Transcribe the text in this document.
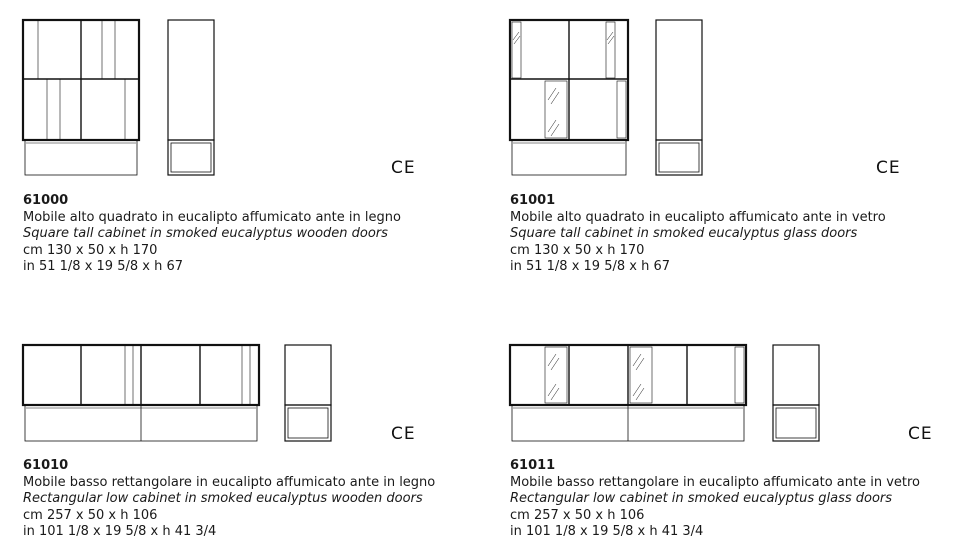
CE
61000
Mobile alto quadrato in eucalipto affumicato ante in legno
Square tall cabinet in smoked eucalyptus wooden doors
cm 130 x 50 x h 170
in 51 1/8 x 19 5/8 x h 67
CE
61001
Mobile alto quadrato in eucalipto affumicato ante in vetro
Square tall cabinet in smoked eucalyptus glass doors
cm 130 x 50 x h 170
in 51 1/8 x 19 5/8 x h 67
CE
61010
Mobile basso rettangolare in eucalipto affumicato ante in legno
Rectangular low cabinet in smoked eucalyptus wooden doors
cm 257 x 50 x h 106
in 101 1/8 x 19 5/8 x h 41 3/4
CE
61011
Mobile basso rettangolare in eucalipto affumicato ante in vetro
Rectangular low cabinet in smoked eucalyptus glass doors
cm 257 x 50 x h 106
in 101 1/8 x 19 5/8 x h 41 3/4
